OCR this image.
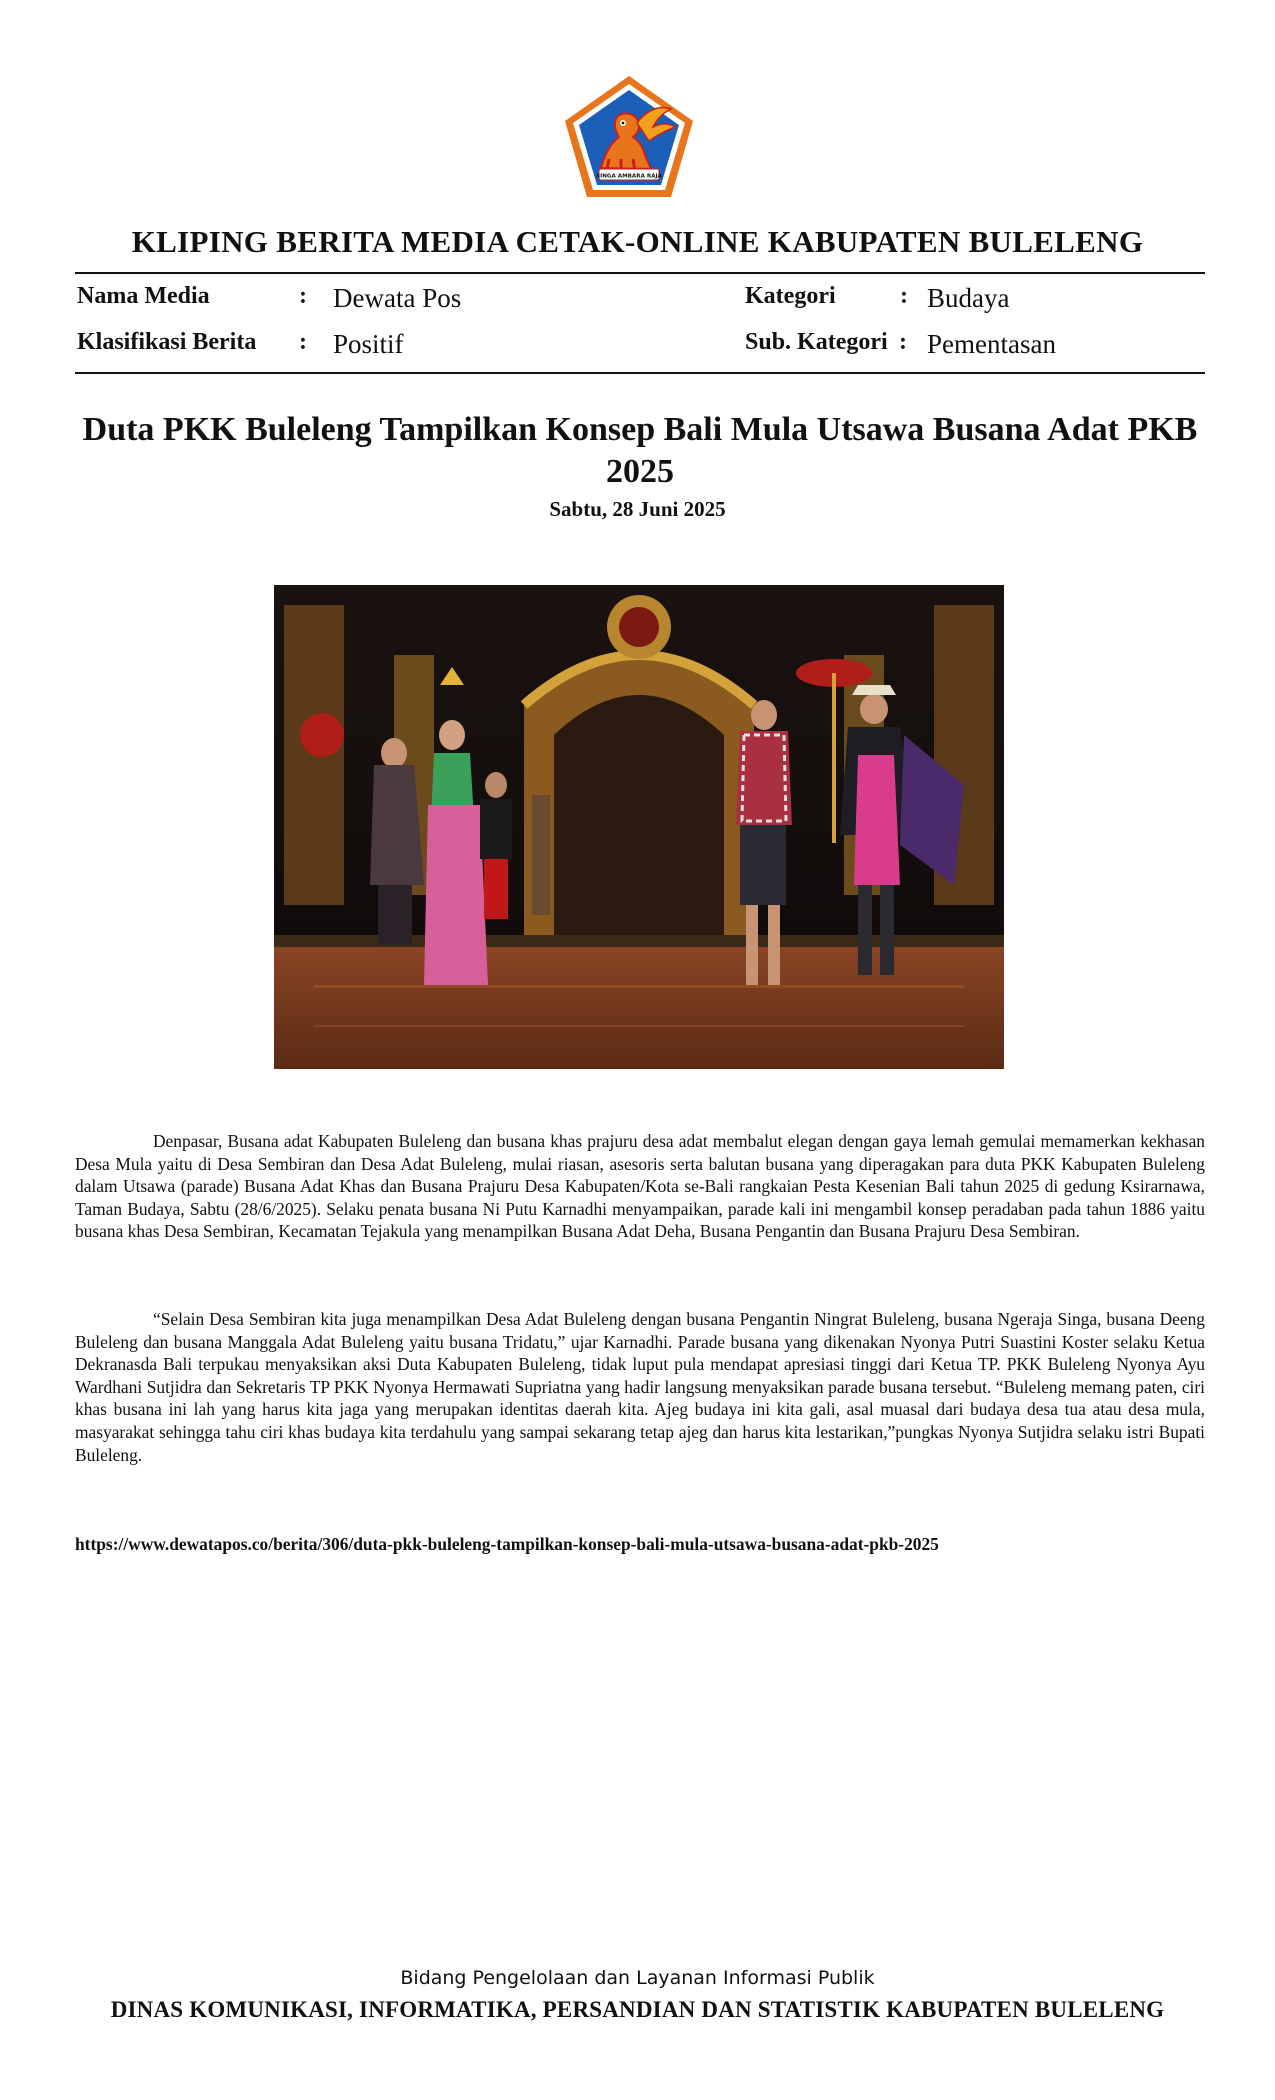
SINGA AMBARA RAJA
KLIPING BERITA MEDIA CETAK-ONLINE KABUPATEN BULELENG
Nama Media	: Dewata Pos
Klasifikasi Berita : Positif
Kategori	: Budaya
Sub. Kategori : Pementasan
Duta PKK Buleleng Tampilkan Konsep Bali Mula Utsawa Busana Adat PKB 2025
Sabtu, 28 Juni 2025

Denpasar, Busana adat Kabupaten Buleleng dan busana khas prajuru desa adat membalut elegan dengan gaya lemah gemulai memamerkan kekhasan Desa Mula yaitu di Desa Sembiran dan Desa Adat Buleleng, mulai riasan, asesoris serta balutan busana yang diperagakan para duta PKK Kabupaten Buleleng dalam Utsawa (parade) Busana Adat Khas dan Busana Prajuru Desa Kabupaten/Kota se-Bali rangkaian Pesta Kesenian Bali tahun 2025 di gedung Ksirarnawa, Taman Budaya, Sabtu (28/6/2025). Selaku penata busana Ni Putu Karnadhi menyampaikan, parade kali ini mengambil konsep peradaban pada tahun 1886 yaitu busana khas Desa Sembiran, Kecamatan Tejakula yang menampilkan Busana Adat Deha, Busana Pengantin dan Busana Prajuru Desa Sembiran.

“Selain Desa Sembiran kita juga menampilkan Desa Adat Buleleng dengan busana Pengantin Ningrat Buleleng, busana Ngeraja Singa, busana Deeng Buleleng dan busana Manggala Adat Buleleng yaitu busana Tridatu,” ujar Karnadhi. Parade busana yang dikenakan Nyonya Putri Suastini Koster selaku Ketua Dekranasda Bali terpukau menyaksikan aksi Duta Kabupaten Buleleng, tidak luput pula mendapat apresiasi tinggi dari Ketua TP. PKK Buleleng Nyonya Ayu Wardhani Sutjidra dan Sekretaris TP PKK Nyonya Hermawati Supriatna yang hadir langsung menyaksikan parade busana tersebut. “Buleleng memang paten, ciri khas busana ini lah yang harus kita jaga yang merupakan identitas daerah kita. Ajeg budaya ini kita gali, asal muasal dari budaya desa tua atau desa mula, masyarakat sehingga tahu ciri khas budaya kita terdahulu yang sampai sekarang tetap ajeg dan harus kita lestarikan,”pungkas Nyonya Sutjidra selaku istri Bupati Buleleng.

https://www.dewatapos.co/berita/306/duta-pkk-buleleng-tampilkan-konsep-bali-mula-utsawa-busana-adat-pkb-2025
Bidang Pengelolaan dan Layanan Informasi Publik
DINAS KOMUNIKASI, INFORMATIKA, PERSANDIAN DAN STATISTIK KABUPATEN BULELENG
